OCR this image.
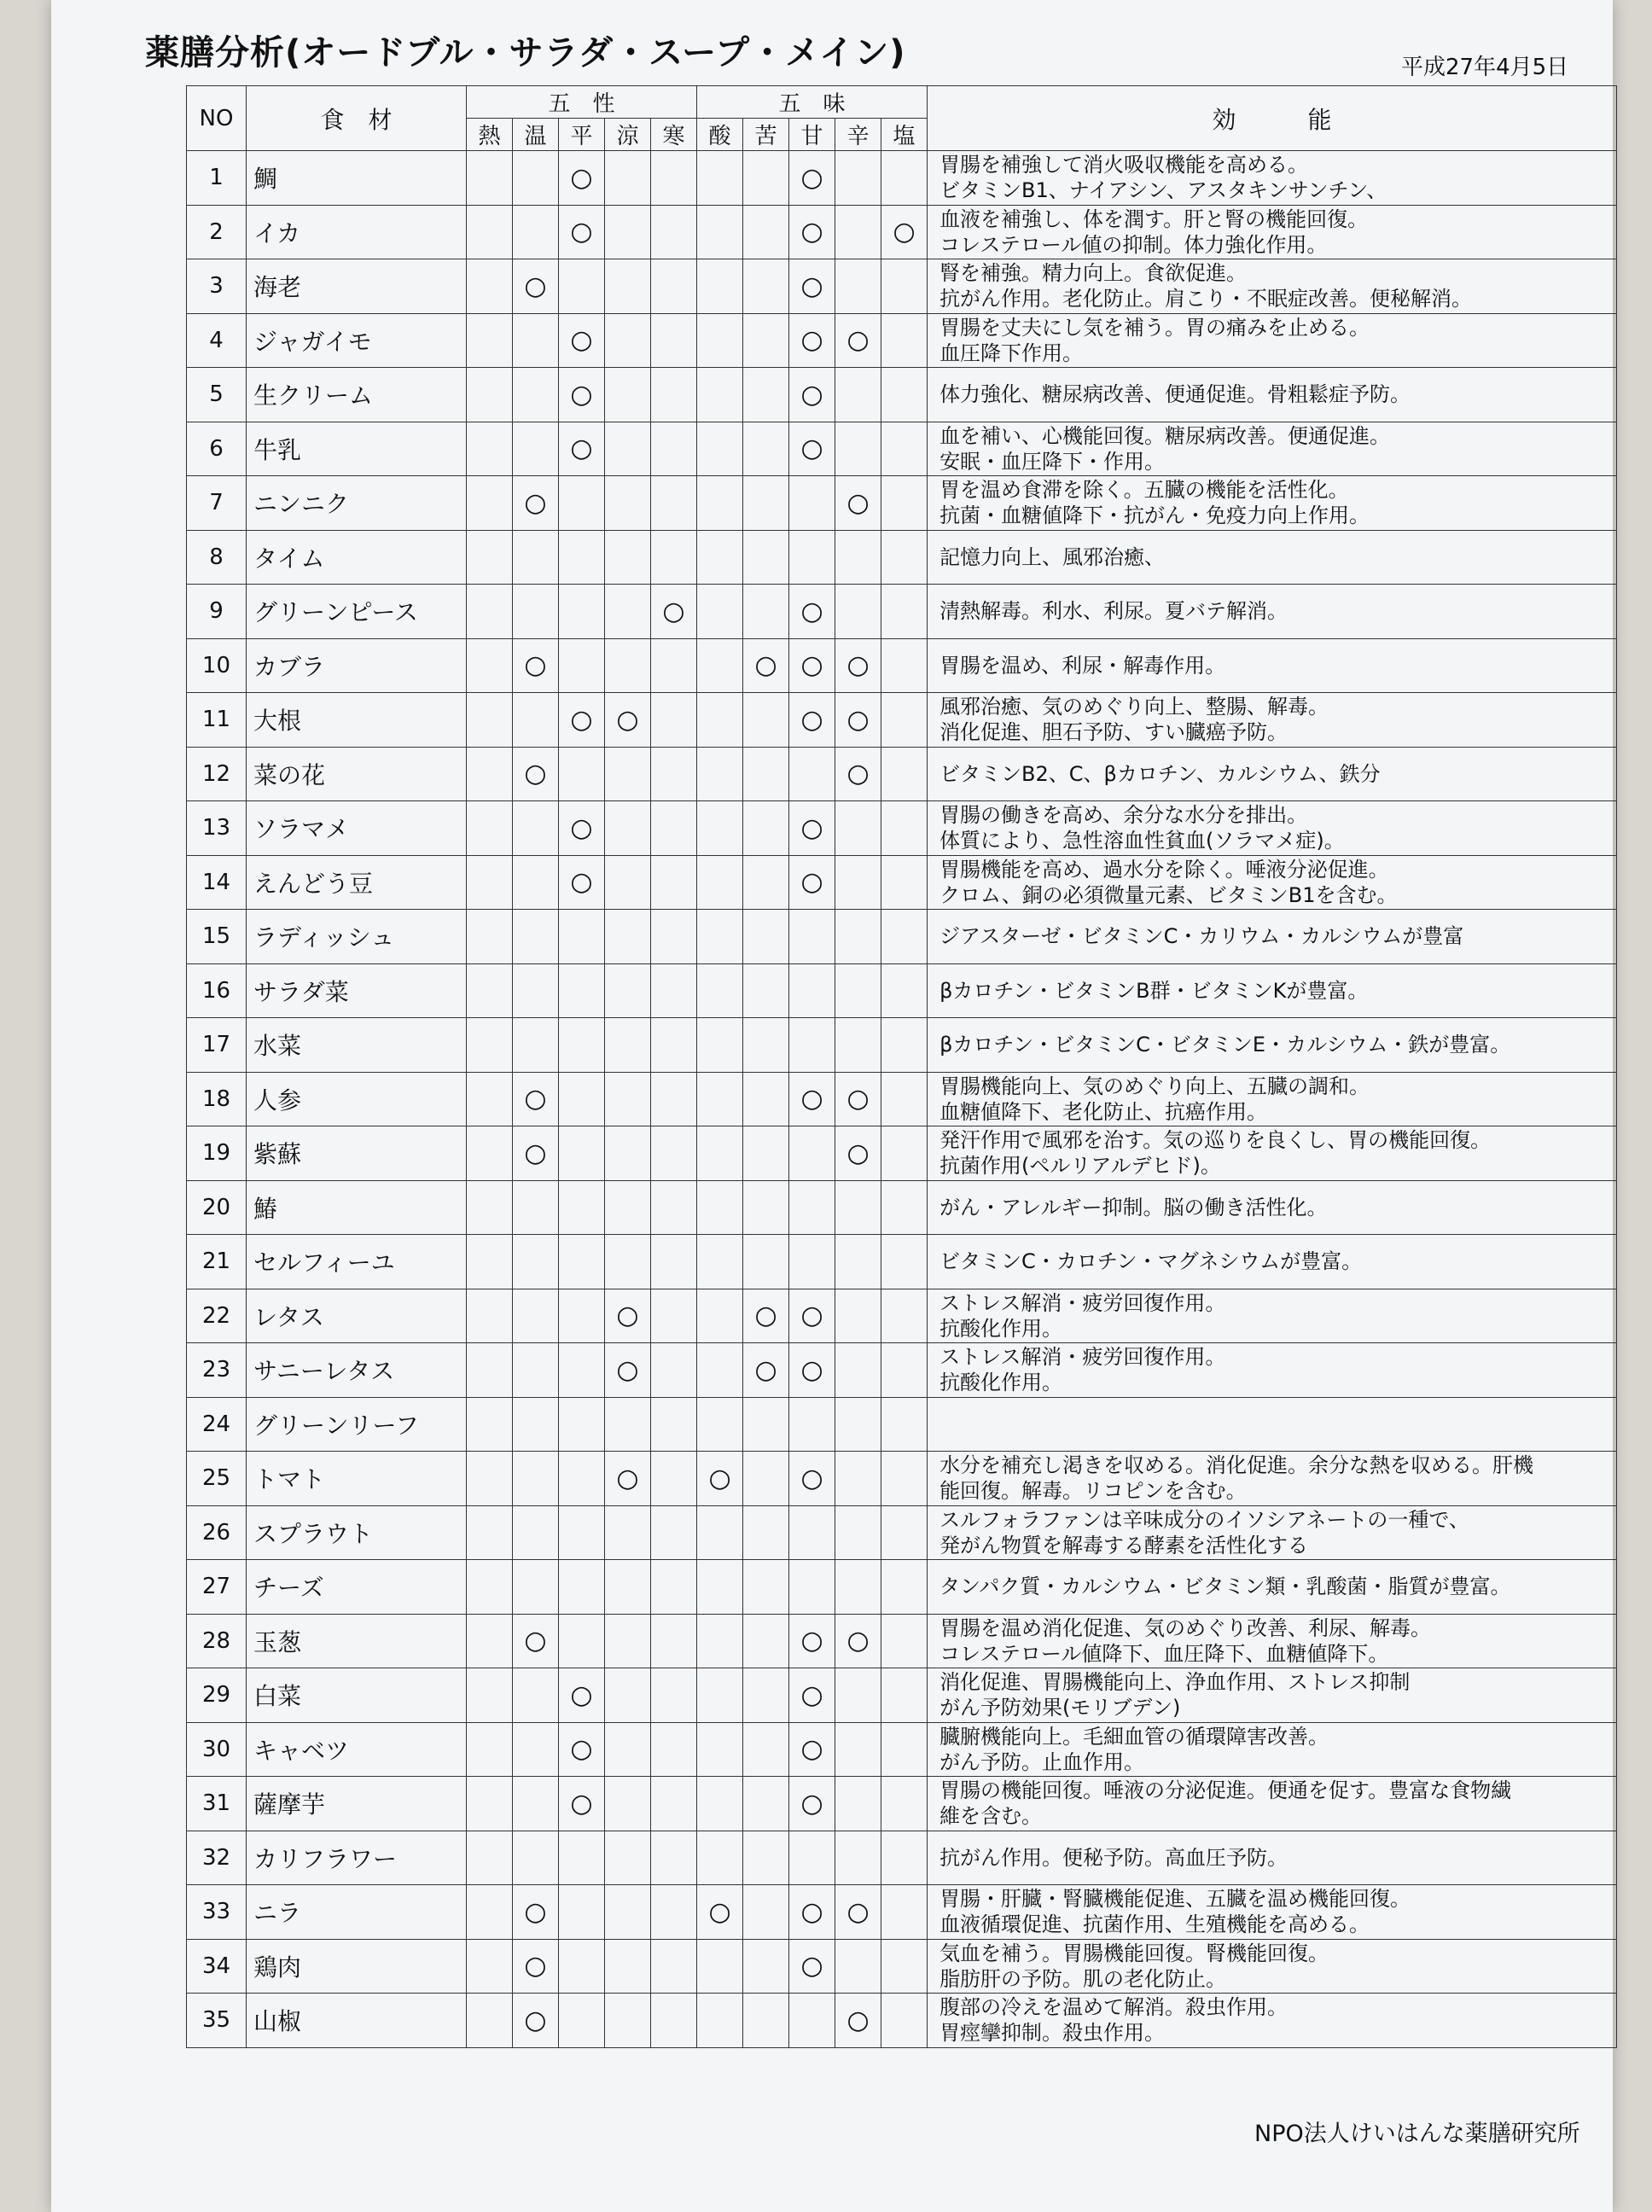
薬膳分析(オードブル・サラダ・スープ・メイン)	平成27年4月5日
NO	食　材	五　性					五　味					効　　　能
		熱	温	平	涼	寒	酸	苦	甘	辛	塩	
1	鯛			○					○			胃腸を補強して消火吸収機能を高める。
ビタミンB1、ナイアシン、アスタキンサンチン、

2	イカ			○					○		○	血液を補強し、体を潤す。肝と腎の機能回復。
コレステロール値の抑制。体力強化作用。

3	海老		○						○			腎を補強。精力向上。食欲促進。
抗がん作用。老化防止。肩こり・不眠症改善。便秘解消。

4	ジャガイモ			○					○	○		胃腸を丈夫にし気を補う。胃の痛みを止める。
血圧降下作用。

5	生クリーム			○					○			体力強化、糖尿病改善、便通促進。骨粗鬆症予防。

6	牛乳			○					○			血を補い、心機能回復。糖尿病改善。便通促進。
安眠・血圧降下・作用。

7	ニンニク		○							○		胃を温め食滞を除く。五臓の機能を活性化。
抗菌・血糖値降下・抗がん・免疫力向上作用。

8	タイム											記憶力向上、風邪治癒、

9	グリーンピース					○			○			清熱解毒。利水、利尿。夏バテ解消。

10	カブラ		○					○	○	○		胃腸を温め、利尿・解毒作用。

11	大根			○	○				○	○		風邪治癒、気のめぐり向上、整腸、解毒。
消化促進、胆石予防、すい臓癌予防。

12	菜の花		○							○		ビタミンB2、C、βカロチン、カルシウム、鉄分

13	ソラマメ			○					○			胃腸の働きを高め、余分な水分を排出。
体質により、急性溶血性貧血(ソラマメ症)。

14	えんどう豆			○					○			胃腸機能を高め、過水分を除く。唾液分泌促進。
クロム、銅の必須微量元素、ビタミンB1を含む。

15	ラディッシュ											ジアスターゼ・ビタミンC・カリウム・カルシウムが豊富

16	サラダ菜											βカロチン・ビタミンB群・ビタミンKが豊富。

17	水菜											βカロチン・ビタミンC・ビタミンE・カルシウム・鉄が豊富。

18	人参		○						○	○		胃腸機能向上、気のめぐり向上、五臓の調和。
血糖値降下、老化防止、抗癌作用。

19	紫蘇		○							○		発汗作用で風邪を治す。気の巡りを良くし、胃の機能回復。
抗菌作用(ペルリアルデヒド)。

20	鰆											がん・アレルギー抑制。脳の働き活性化。

21	セルフィーユ											ビタミンC・カロチン・マグネシウムが豊富。

22	レタス				○			○	○			ストレス解消・疲労回復作用。
抗酸化作用。

23	サニーレタス				○			○	○			ストレス解消・疲労回復作用。
抗酸化作用。

24	グリーンリーフ											
25	トマト				○		○		○			水分を補充し渇きを収める。消化促進。余分な熱を収める。肝機
能回復。解毒。リコピンを含む。

26	スプラウト											スルフォラファンは辛味成分のイソシアネートの一種で、
発がん物質を解毒する酵素を活性化する

27	チーズ											タンパク質・カルシウム・ビタミン類・乳酸菌・脂質が豊富。

28	玉葱		○						○	○		胃腸を温め消化促進、気のめぐり改善、利尿、解毒。
コレステロール値降下、血圧降下、血糖値降下。

29	白菜			○					○			消化促進、胃腸機能向上、浄血作用、ストレス抑制
がん予防効果(モリブデン)

30	キャベツ			○					○			臓腑機能向上。毛細血管の循環障害改善。
がん予防。止血作用。

31	薩摩芋			○					○			胃腸の機能回復。唾液の分泌促進。便通を促す。豊富な食物繊
維を含む。

32	カリフラワー											抗がん作用。便秘予防。高血圧予防。

33	ニラ		○				○		○	○		胃腸・肝臓・腎臓機能促進、五臓を温め機能回復。
血液循環促進、抗菌作用、生殖機能を高める。

34	鶏肉		○						○			気血を補う。胃腸機能回復。腎機能回復。
脂肪肝の予防。肌の老化防止。

35	山椒		○							○		腹部の冷えを温めて解消。殺虫作用。
胃痙攣抑制。殺虫作用。
NPO法人けいはんな薬膳研究所
